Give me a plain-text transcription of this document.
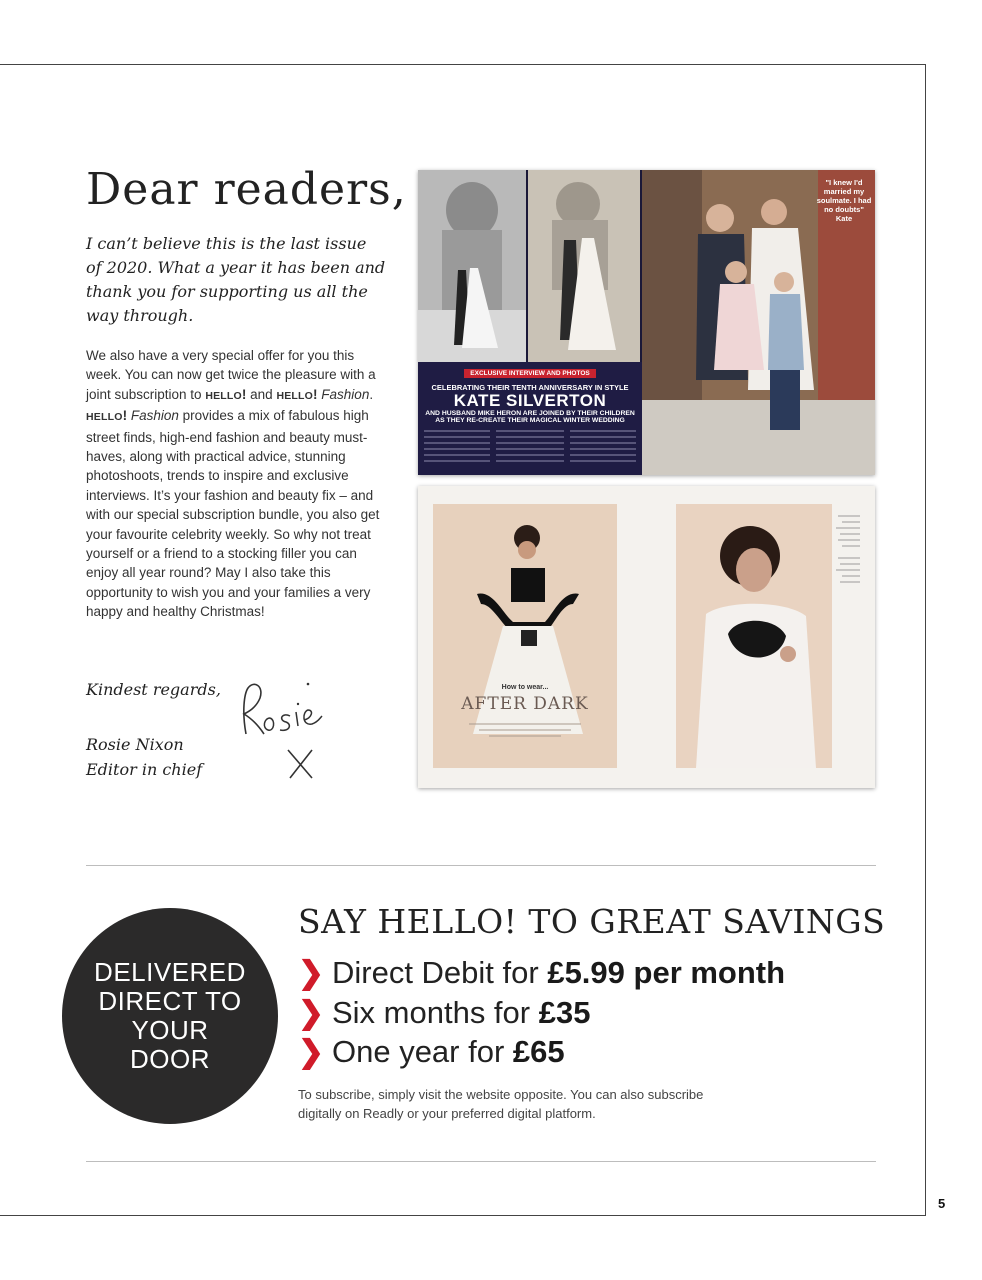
5
Dear readers,
I can’t believe this is the last issue of 2020. What a year it has been and thank you for supporting us all the way through.
We also have a very special offer for you this week. You can now get twice the pleasure with a joint subscription to HELLO! and HELLO! Fashion. HELLO! Fashion provides a mix of fabulous high street finds, high-end fashion and beauty must-haves, along with practical advice, stunning photoshoots, trends to inspire and exclusive interviews. It’s your fashion and beauty fix – and with our special subscription bundle, you also get your favourite celebrity weekly. So why not treat yourself or a friend to a stocking filler you can enjoy all year round? May I also take this opportunity to wish you and your families a very happy and healthy Christmas!
Kindest regards,
Rosie Nixon
Editor in chief
"I knew I'd married my soulmate. I had no doubts" Kate
EXCLUSIVE INTERVIEW AND PHOTOS
CELEBRATING THEIR TENTH ANNIVERSARY IN STYLE
KATE SILVERTON
AND HUSBAND MIKE HERON ARE JOINED BY THEIR CHILDREN
AS THEY RE-CREATE THEIR MAGICAL WINTER WEDDING
How to wear...
AFTER DARK
DELIVERED
DIRECT TO
YOUR
DOOR
SAY HELLO! TO GREAT SAVINGS
❯ Direct Debit for £5.99 per month
❯ Six months for £35
❯ One year for £65
To subscribe, simply visit the website opposite. You can also subscribe digitally on Readly or your preferred digital platform.
